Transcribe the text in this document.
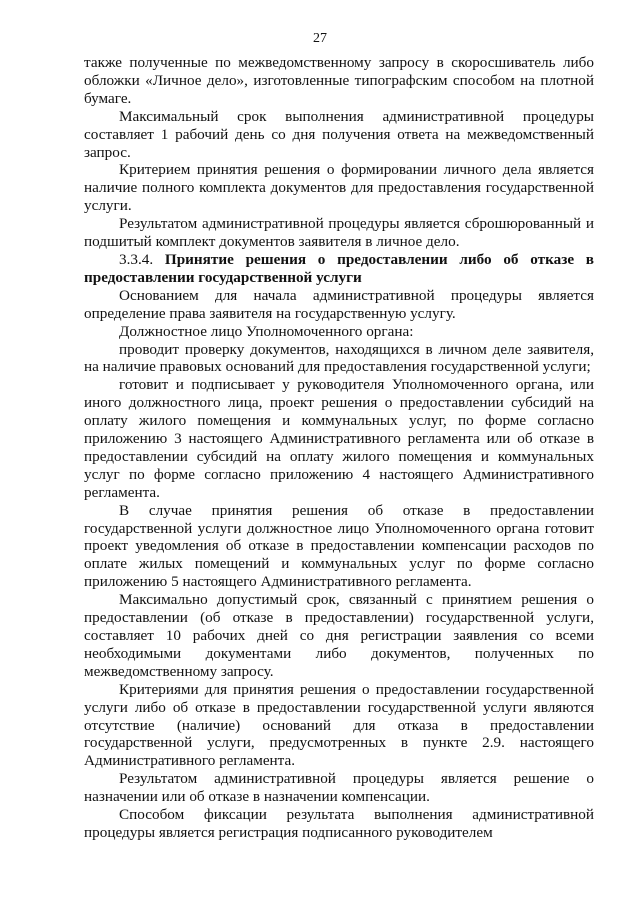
27

также полученные по межведомственному запросу в скоросшиватель либо обложки «Личное дело», изготовленные типографским способом на плотной бумаге.

Максимальный срок выполнения административной процедуры составляет 1 рабочий день со дня получения ответа на межведомственный запрос.

Критерием принятия решения о формировании личного дела является наличие полного комплекта документов для предоставления государственной услуги.

Результатом административной процедуры является сброшюрованный и подшитый комплект документов заявителя в личное дело.

3.3.4. Принятие решения о предоставлении либо об отказе в предоставлении государственной услуги

Основанием для начала административной процедуры является определение права заявителя на государственную услугу.

Должностное лицо Уполномоченного органа:

проводит проверку документов, находящихся в личном деле заявителя, на наличие правовых оснований для предоставления государственной услуги;

готовит и подписывает у руководителя Уполномоченного органа, или иного должностного лица, проект решения о предоставлении субсидий на оплату жилого помещения и коммунальных услуг, по форме согласно приложению 3 настоящего Административного регламента или об отказе в предоставлении субсидий на оплату жилого помещения и коммунальных услуг по форме согласно приложению 4 настоящего Административного регламента.

В случае принятия решения об отказе в предоставлении государственной услуги должностное лицо Уполномоченного органа готовит проект уведомления об отказе в предоставлении компенсации расходов по оплате жилых помещений и коммунальных услуг по форме согласно приложению 5 настоящего Административного регламента.

Максимально допустимый срок, связанный с принятием решения о предоставлении (об отказе в предоставлении) государственной услуги, составляет 10 рабочих дней со дня регистрации заявления со всеми необходимыми документами либо документов, полученных по межведомственному запросу.

Критериями для принятия решения о предоставлении государственной услуги либо об отказе в предоставлении государственной услуги являются отсутствие (наличие) оснований для отказа в предоставлении государственной услуги, предусмотренных в пункте 2.9. настоящего Административного регламента.

Результатом административной процедуры является решение о назначении или об отказе в назначении компенсации.

Способом фиксации результата выполнения административной процедуры является регистрация подписанного руководителем
